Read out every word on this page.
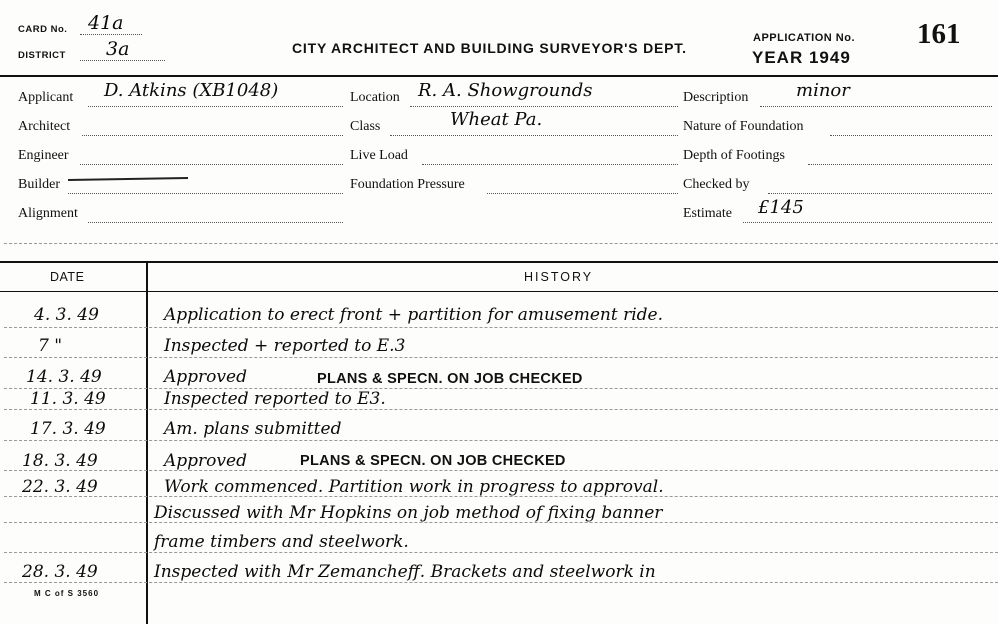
CARD No. 41a
DISTRICT 3a	CITY ARCHITECT AND BUILDING SURVEYOR'S DEPT.
APPLICATION No. 161
YEAR 1949
Applicant D. Atkins (XB1048)
Architect
Engineer
Builder
Alignment
Location R. A. Showgrounds
Class	Wheat Pa.
Live Load
Foundation Pressure
Description	minor
Nature of Foundation
Depth of Footings
Checked by
Estimate £145
DATE	HISTORY
4. 3. 49	Application to erect front + partition for amusement ride.
7 "	Inspected + reported to E.3
14. 3. 49	Approved	PLANS & SPECN. ON JOB CHECKED
11. 3. 49	Inspected reported to E3.
17. 3. 49	Am. plans submitted
18. 3. 49	Approved	PLANS & SPECN. ON JOB CHECKED
22. 3. 49	Work commenced. Partition work in progress to approval.
Discussed with Mr Hopkins on job method of fixing banner
frame timbers and steelwork.
28. 3. 49	Inspected with Mr Zemancheff. Brackets and steelwork in
M C of S 3560
